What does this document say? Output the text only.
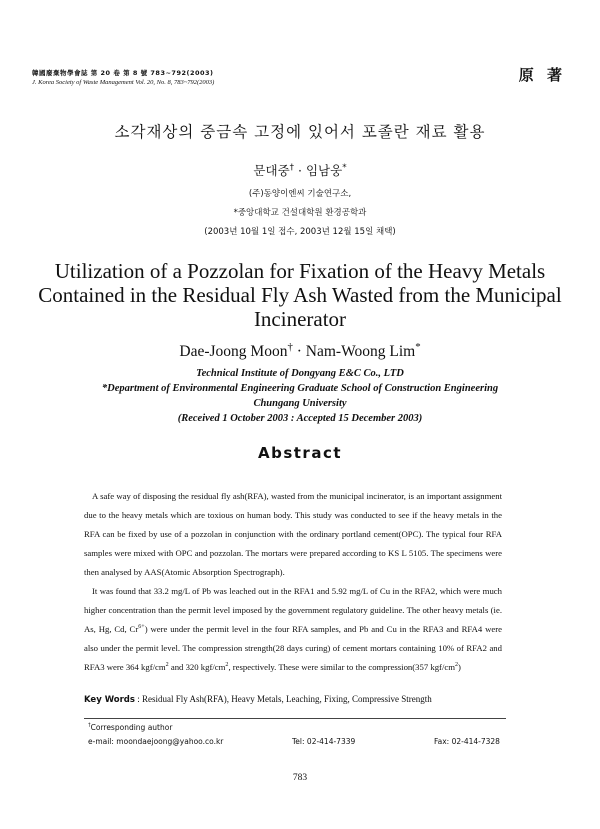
韓國廢棄物學會誌 第 20 卷 第 8 號 783~792(2003)
J. Korea Society of Waste Management Vol. 20, No. 8, 783~792(2003)	原 著
소각재상의 중금속 고정에 있어서 포졸란 재료 활용
문대중† · 임남웅*
(주)동양이엔씨 기술연구소,
*중앙대학교 건설대학원 환경공학과
(2003년 10월 1일 접수, 2003년 12월 15일 채택)
Utilization of a Pozzolan for Fixation of the Heavy Metals
Contained in the Residual Fly Ash Wasted from the Municipal
Incinerator
Dae-Joong Moon† · Nam-Woong Lim*
Technical Institute of Dongyang E&C Co., LTD
*Department of Environmental Engineering Graduate School of Construction Engineering
Chungang University
(Received 1 October 2003 : Accepted 15 December 2003)
Abstract

A safe way of disposing the residual fly ash(RFA), wasted from the municipal incinerator, is an important assignment due to the heavy metals which are toxious on human body. This study was conducted to see if the heavy metals in the RFA can be fixed by use of a pozzolan in conjunction with the ordinary portland cement(OPC). The typical four RFA samples were mixed with OPC and pozzolan. The mortars were prepared according to KS L 5105. The specimens were then analysed by AAS(Atomic Absorption Spectrograph).

It was found that 33.2 mg/L of Pb was leached out in the RFA1 and 5.92 mg/L of Cu in the RFA2, which were much higher concentration than the permit level imposed by the government regulatory guideline. The other heavy metals (ie. As, Hg, Cd, $Cr^{6+}$) were under the permit level in the four RFA samples, and Pb and Cu in the RFA3 and RFA4 were also under the permit level. The compression strength(28 days curing) of cement mortars containing 10% of RFA2 and RFA3 were 364 kgf/$cm^2$ and 320 kgf/$cm^2$, respectively. These were similar to the compression(357 kgf/$cm^2$)

Key Words : Residual Fly Ash(RFA), Heavy Metals, Leaching, Fixing, Compressive Strength
†Corresponding author
e-mail: moondaejoong@yahoo.co.kr	Tel: 02-414-7339	Fax: 02-414-7328
783
